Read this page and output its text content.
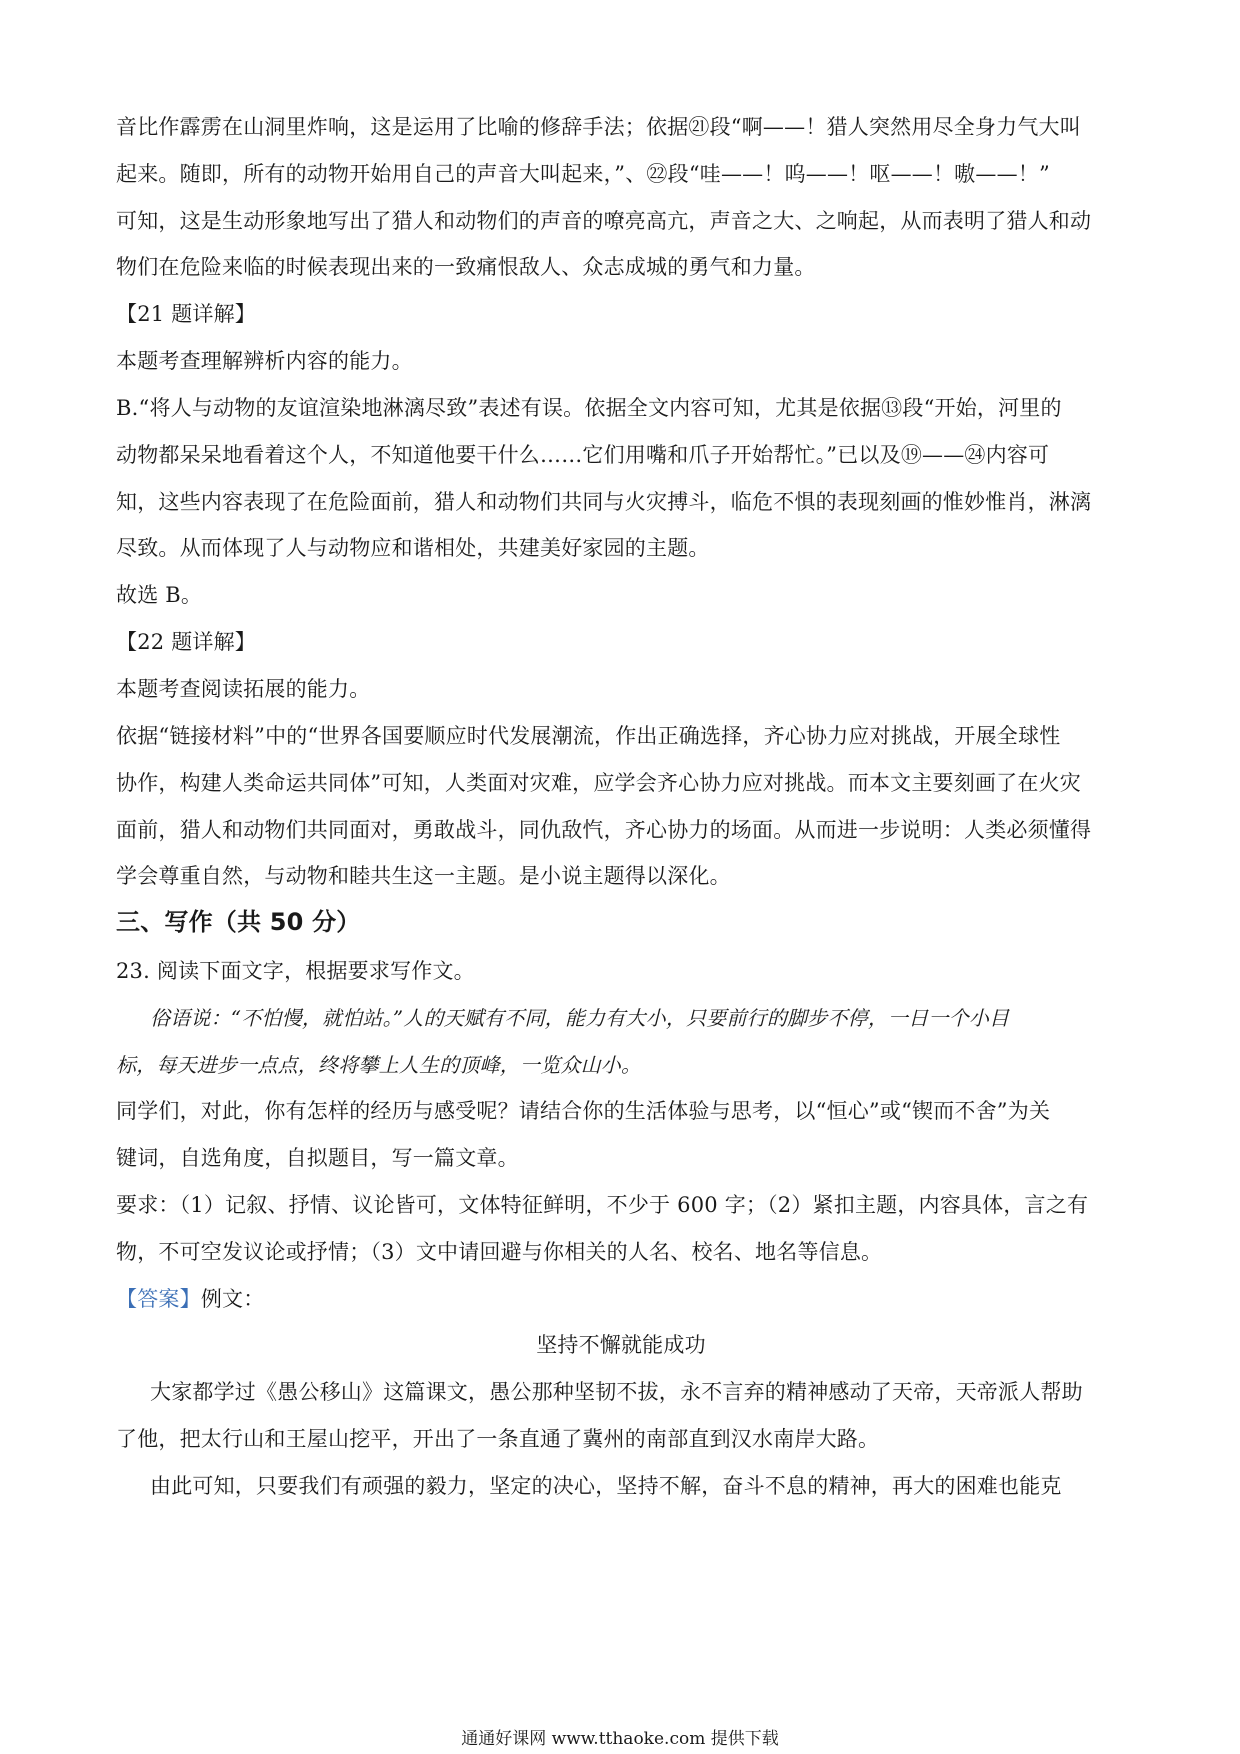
音比作霹雳在山洞里炸响，这是运用了比喻的修辞手法；依据㉑段“啊——！猎人突然用尽全身力气大叫
起来。随即，所有的动物开始用自己的声音大叫起来，”、㉒段“哇——！呜——！呕——！嗷——！”
可知，这是生动形象地写出了猎人和动物们的声音的嘹亮高亢，声音之大、之响起，从而表明了猎人和动
物们在危险来临的时候表现出来的一致痛恨敌人、众志成城的勇气和力量。
【21 题详解】
本题考查理解辨析内容的能力。
B.“将人与动物的友谊渲染地淋漓尽致”表述有误。依据全文内容可知，尤其是依据⑬段“开始，河里的
动物都呆呆地看着这个人，不知道他要干什么……它们用嘴和爪子开始帮忙。”已以及⑲——㉔内容可
知，这些内容表现了在危险面前，猎人和动物们共同与火灾搏斗，临危不惧的表现刻画的惟妙惟肖，淋漓
尽致。从而体现了人与动物应和谐相处，共建美好家园的主题。
故选 B。
【22 题详解】
本题考查阅读拓展的能力。
依据“链接材料”中的“世界各国要顺应时代发展潮流，作出正确选择，齐心协力应对挑战，开展全球性
协作，构建人类命运共同体”可知，人类面对灾难，应学会齐心协力应对挑战。而本文主要刻画了在火灾
面前，猎人和动物们共同面对，勇敢战斗，同仇敌忾，齐心协力的场面。从而进一步说明：人类必须懂得
学会尊重自然，与动物和睦共生这一主题。是小说主题得以深化。
三、写作（共 50 分）
23. 阅读下面文字，根据要求写作文。
俗语说：“不怕慢，就怕站。”人的天赋有不同，能力有大小，只要前行的脚步不停，一日一个小目
标，每天进步一点点，终将攀上人生的顶峰，一览众山小。
同学们，对此，你有怎样的经历与感受呢？请结合你的生活体验与思考，以“恒心”或“锲而不舍”为关
键词，自选角度，自拟题目，写一篇文章。
要求：（1）记叙、抒情、议论皆可，文体特征鲜明，不少于 600 字；（2）紧扣主题，内容具体，言之有
物，不可空发议论或抒情；（3）文中请回避与你相关的人名、校名、地名等信息。
【答案】例文：
坚持不懈就能成功
大家都学过《愚公移山》这篇课文，愚公那种坚韧不拔，永不言弃的精神感动了天帝，天帝派人帮助
了他，把太行山和王屋山挖平，开出了一条直通了冀州的南部直到汉水南岸大路。
由此可知，只要我们有顽强的毅力，坚定的决心，坚持不解，奋斗不息的精神，再大的困难也能克
通通好课网 www.tthaoke.com 提供下载
